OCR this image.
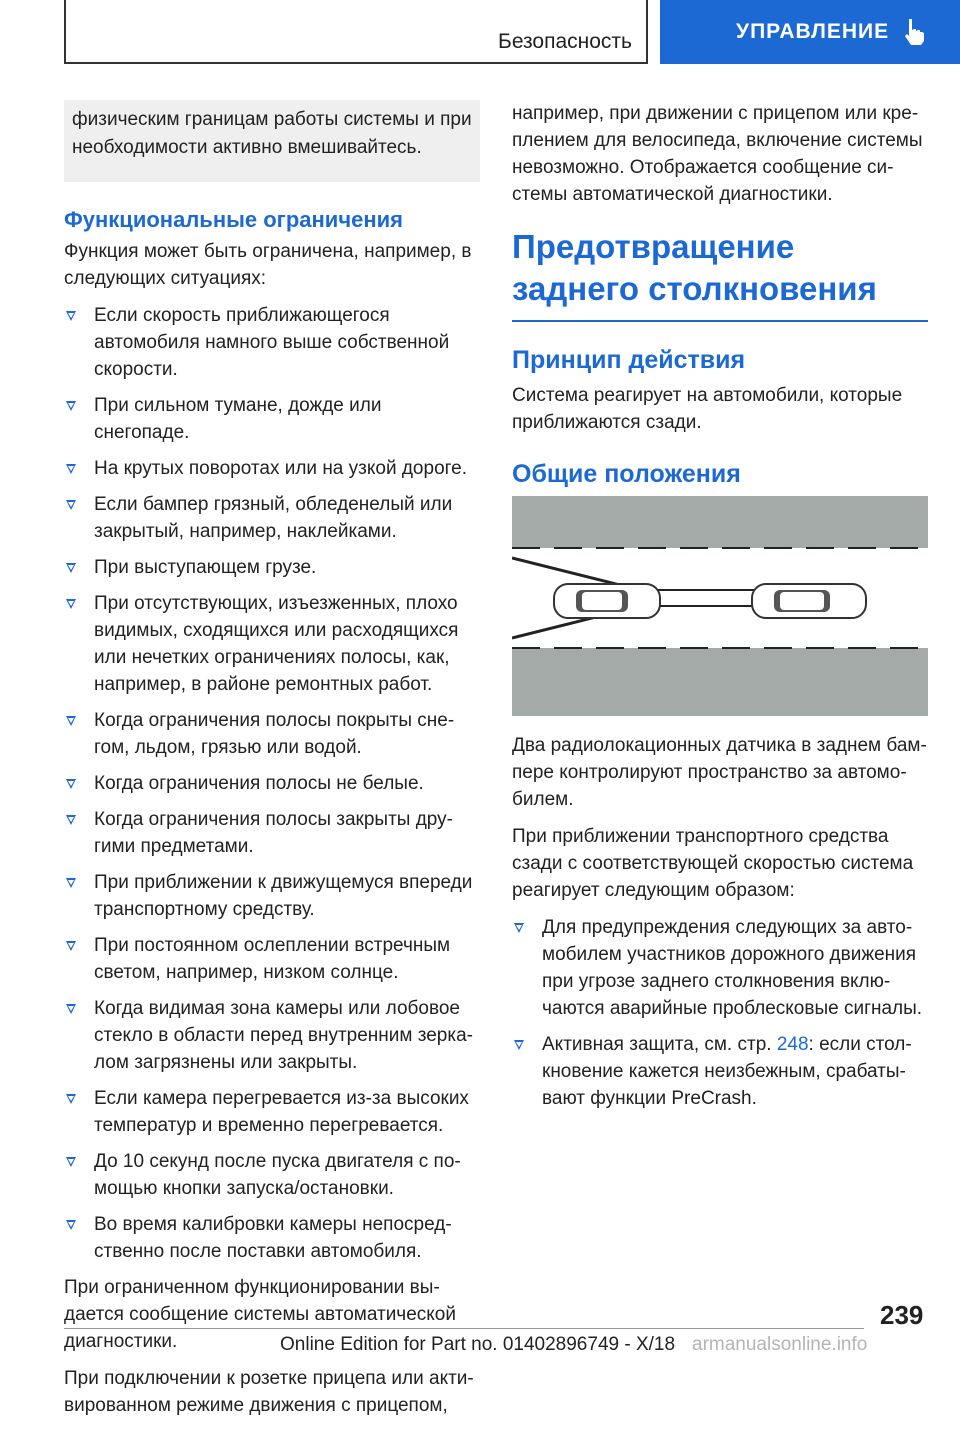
Безопасность	УПРАВЛЕНИЕ
физическим границам работы системы и при необходимости активно вмешивайтесь.
Функциональные ограничения

Функция может быть ограничена, например, в следующих ситуациях:

Если скорость приближающегося автомобиля намного выше собственной скорости.
При сильном тумане, дожде или снегопаде.
На крутых поворотах или на узкой дороге.
Если бампер грязный, обледенелый или закрытый, например, наклейками.
При выступающем грузе.
При отсутствующих, изъезженных, плохо видимых, сходящихся или расходящихся или нечетких ограничениях полосы, как, например, в районе ремонтных работ.
Когда ограничения полосы покрыты снегом, льдом, грязью или водой.
Когда ограничения полосы не белые.
Когда ограничения полосы закрыты другими предметами.
При приближении к движущемуся впереди транспортному средству.
При постоянном ослеплении встречным светом, например, низком солнце.
Когда видимая зона камеры или лобовое стекло в области перед внутренним зеркалом загрязнены или закрыты.
Если камера перегревается из-за высоких температур и временно перегревается.
До 10 секунд после пуска двигателя с помощью кнопки запуска/остановки.
Во время калибровки камеры непосредственно после поставки автомобиля.

При ограниченном функционировании выдается сообщение системы автоматической диагностики.

При подключении к розетке прицепа или активированном режиме движения с прицепом,

например, при движении с прицепом или креплением для велосипеда, включение системы невозможно. Отображается сообщение системы автоматической диагностики.

Предотвращение заднего столкновения
Принцип действия

Система реагирует на автомобили, которые приближаются сзади.

Общие положения

Два радиолокационных датчика в заднем бампере контролируют пространство за автомобилем.

При приближении транспортного средства сзади с соответствующей скоростью система реагирует следующим образом:

Для предупреждения следующих за автомобилем участников дорожного движения при угрозе заднего столкновения включаются аварийные проблесковые сигналы.
Активная защита, см. стр. 248: если столкновение кажется неизбежным, срабатывают функции PreCrash.
239
Online Edition for Part no. 01402896749 - X/18 armanualsonline.info
